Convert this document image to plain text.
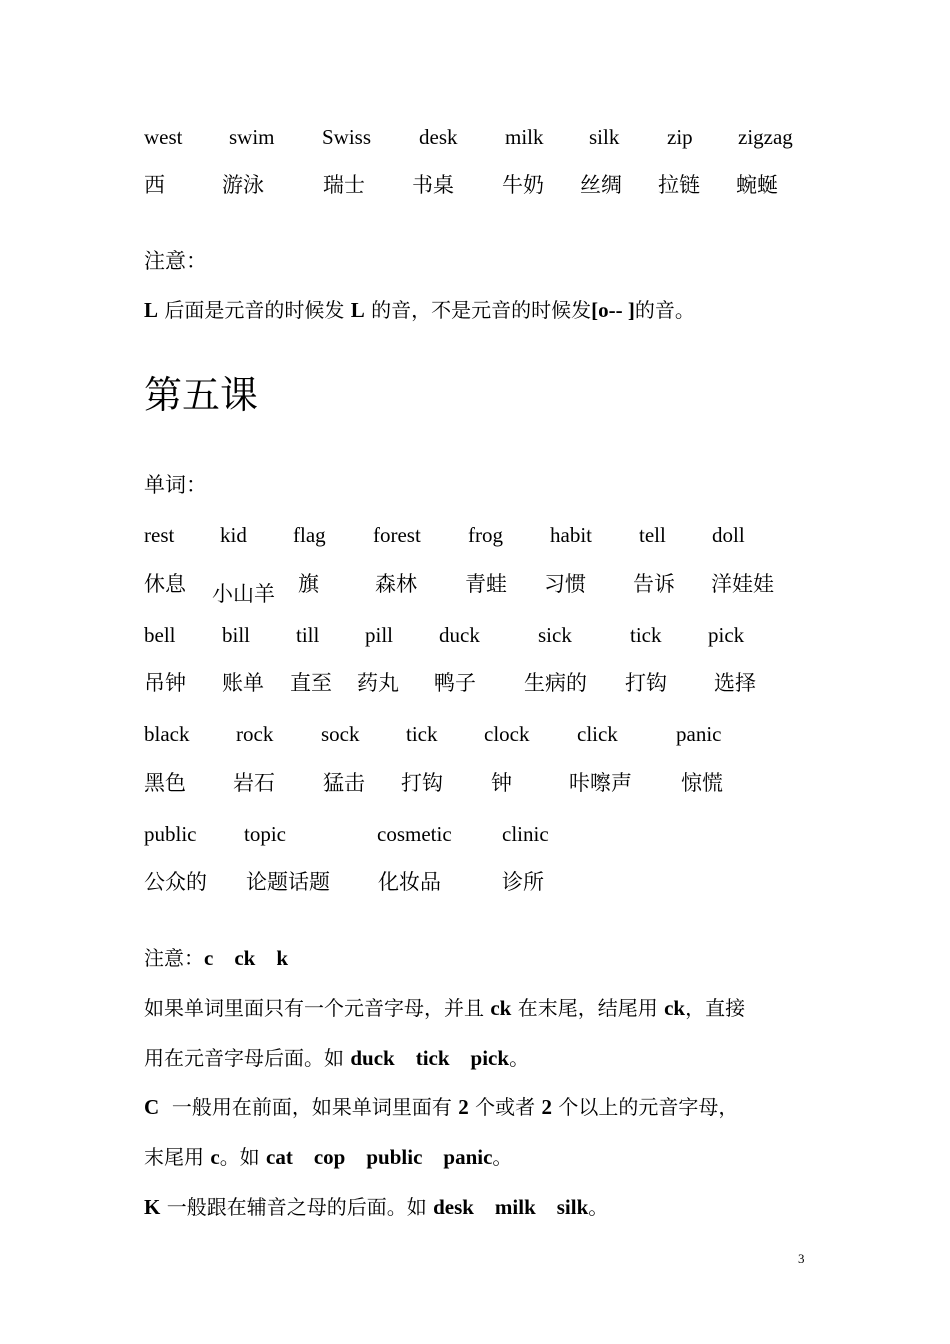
west swim Swiss desk milk silk zip zigzag
西	游泳	瑞士 书桌 牛奶 丝绸 拉链 蜿蜒
注意：
L 后面是元音的时候发 L 的音，不是元音的时候发[o-- ]的音。
第五课
单词：
rest kid flag forest frog habit tell doll
休息 小山羊 旗	森林 青蛙 习惯 告诉 洋娃娃
bell bill till pill duck	sick	tick pick
吊钟 账单 直至 药丸 鸭子 生病的 打钩 选择
black rock sock tick clock click	panic
黑色 岩石 猛击 打钩 钟	咔嚓声 惊慌
public topic	cosmetic clinic
公众的 论题话题 化妆品	诊所
注意：c    ck    k
如果单词里面只有一个元音字母，并且 ck 在末尾，结尾用 ck，直接
用在元音字母后面。如 duck    tick    pick。
C  一般用在前面，如果单词里面有 2 个或者 2 个以上的元音字母，
末尾用 c。如 cat    cop    public    panic。
K 一般跟在辅音之母的后面。如 desk    milk    silk。
3
